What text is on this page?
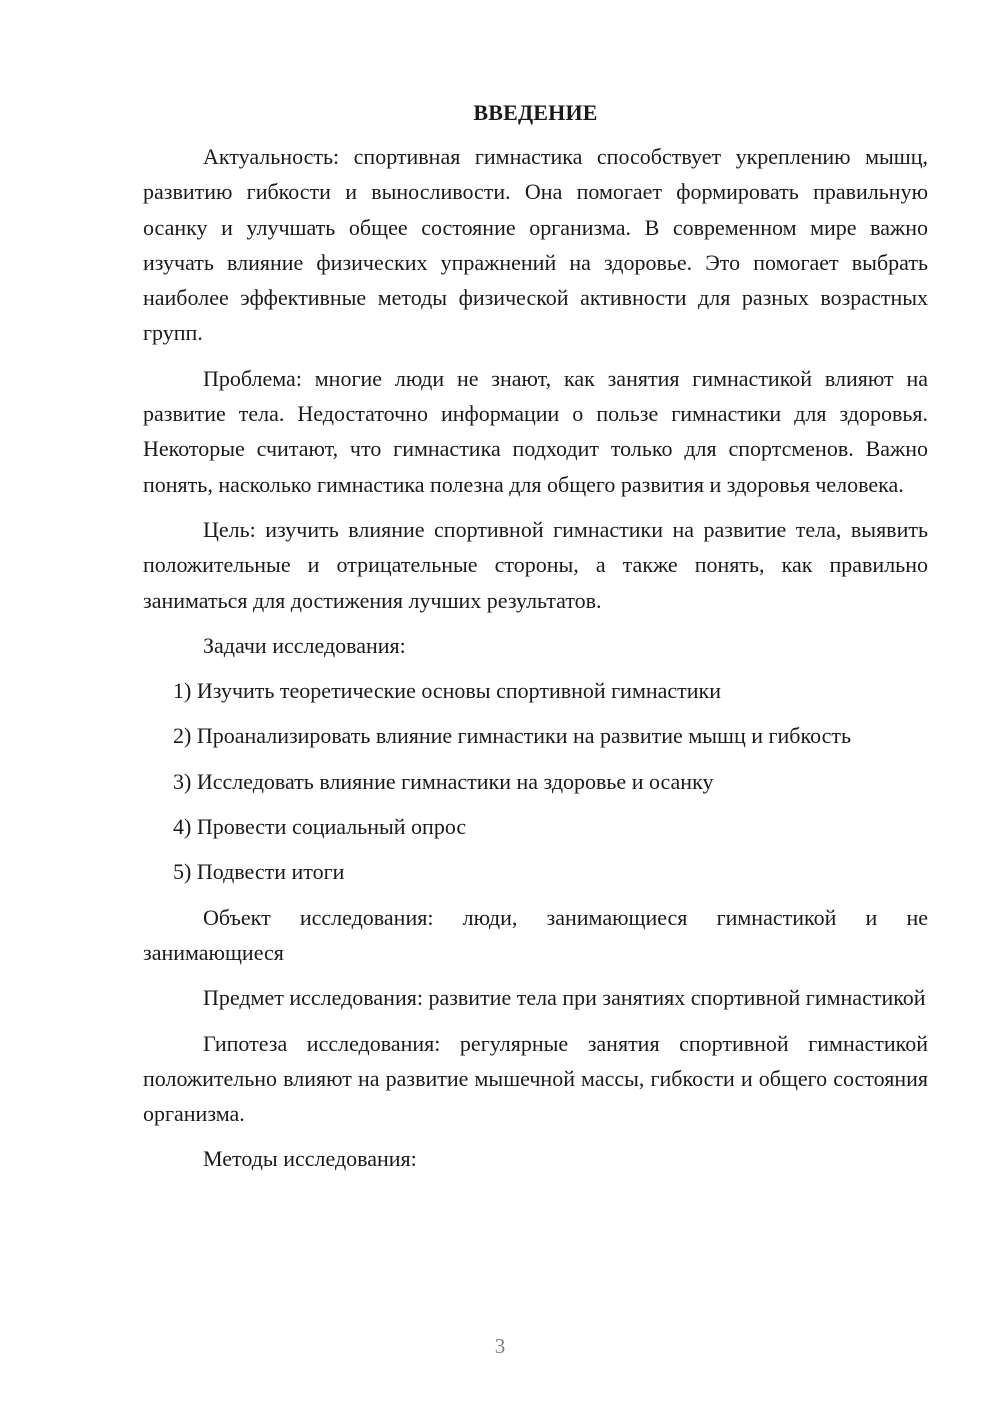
ВВЕДЕНИЕ

Актуальность: спортивная гимнастика способствует укреплению мышц, развитию гибкости и выносливости. Она помогает формировать правильную осанку и улучшать общее состояние организма. В современном мире важно изучать влияние физических упражнений на здоровье. Это помогает выбрать наиболее эффективные методы физической активности для разных возрастных групп.

Проблема: многие люди не знают, как занятия гимнастикой влияют на развитие тела. Недостаточно информации о пользе гимнастики для здоровья. Некоторые считают, что гимнастика подходит только для спортсменов. Важно понять, насколько гимнастика полезна для общего развития и здоровья человека.

Цель: изучить влияние спортивной гимнастики на развитие тела, выявить положительные и отрицательные стороны, а также понять, как правильно заниматься для достижения лучших результатов.

Задачи исследования:

1) Изучить теоретические основы спортивной гимнастики

2) Проанализировать влияние гимнастики на развитие мышц и гибкость

3) Исследовать влияние гимнастики на здоровье и осанку

4) Провести социальный опрос

5) Подвести итоги

Объект исследования: люди, занимающиеся гимнастикой и не занимающиеся

Предмет исследования: развитие тела при занятиях спортивной гимнастикой

Гипотеза исследования: регулярные занятия спортивной гимнастикой положительно влияют на развитие мышечной массы, гибкости и общего состояния организма.

Методы исследования:

3
